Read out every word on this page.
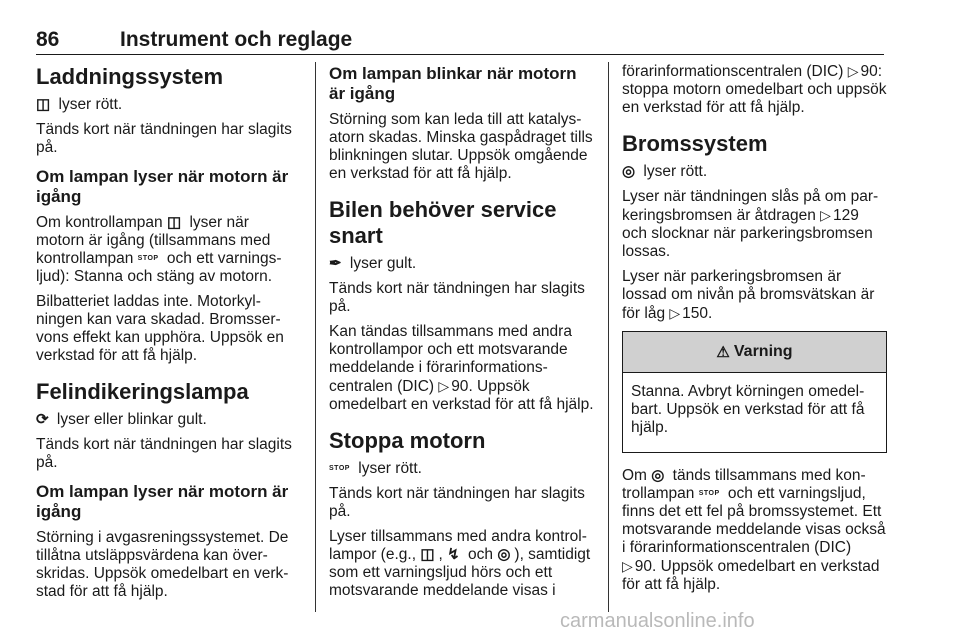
86	Instrument och reglage
Laddningssystem

◫ lyser rött.

Tänds kort när tändningen har slagits på.

Om lampan lyser när motorn är igång

Om kontrollampan ◫ lyser när motorn är igång (tillsammans med kontrollampan STOP och ett varningsljud): Stanna och stäng av motorn.

Bilbatteriet laddas inte. Motorkylningen kan vara skadad. Bromsservons effekt kan upphöra. Uppsök en verkstad för att få hjälp.

Felindikeringslampa

⟳ lyser eller blinkar gult.

Tänds kort när tändningen har slagits på.

Om lampan lyser när motorn är igång

Störning i avgasreningssystemet. De tillåtna utsläppsvärdena kan överskridas. Uppsök omedelbart en verkstad för att få hjälp.

Om lampan blinkar när motorn är igång

Störning som kan leda till att katalysatorn skadas. Minska gaspådraget tills blinkningen slutar. Uppsök omgående en verkstad för att få hjälp.

Bilen behöver service snart

✒ lyser gult.

Tänds kort när tändningen har slagits på.

Kan tändas tillsammans med andra kontrollampor och ett motsvarande meddelande i förarinformationscentralen (DIC) ▷ 90. Uppsök omedelbart en verkstad för att få hjälp.

Stoppa motorn

STOP lyser rött.

Tänds kort när tändningen har slagits på.

Lyser tillsammans med andra kontrollampor (e.g., ◫ , ↯ och ◎ ), samtidigt som ett varningsljud hörs och ett motsvarande meddelande visas i

förarinformationscentralen (DIC) ▷ 90: stoppa motorn omedelbart och uppsök en verkstad för att få hjälp.

Bromssystem

◎ lyser rött.

Lyser när tändningen slås på om parkeringsbromsen är åtdragen ▷ 129 och slocknar när parkeringsbromsen lossas.

Lyser när parkeringsbromsen är lossad om nivån på bromsvätskan är för låg ▷ 150.

⚠ Varning
Stanna. Avbryt körningen omedelbart. Uppsök en verkstad för att få hjälp.

Om ◎ tänds tillsammans med kontrollampan STOP och ett varningsljud, finns det ett fel på bromssystemet. Ett motsvarande meddelande visas också i förarinformationscentralen (DIC) ▷ 90. Uppsök omedelbart en verkstad för att få hjälp.

carmanualsonline.info
